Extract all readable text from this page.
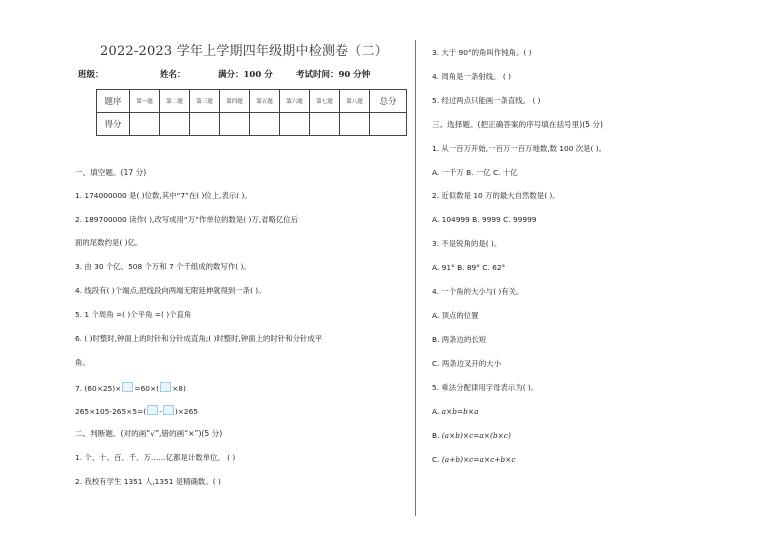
2022-2023 学年上学期四年级期中检测卷（二）
班级：	姓名：	满分：100 分	考试时间：90 分钟
题序	第一题	第二题	第三题	第四题	第五题	第六题	第七题	第八题	总分
得分									
一、填空题。(17 分)
1. 174000000 是( )位数,其中“7”在( )位上,表示( )。
2. 189700000 读作( ),改写成用“万”作单位的数是( )万,省略亿位后
面的尾数约是( )亿。
3. 由 30 个亿、508 个万和 7 个千组成的数写作( )。
4. 线段有( )个端点,把线段向两端无限延伸就得到一条( )。
5. 1 个周角 =( )个平角 =( )个直角
6. ( )时整时,钟面上的时针和分针成直角;( )时整时,钟面上的时针和分针成平
角。
7. (60×25)× =60×( ×8)
265×105-265×5=( - )×265
二、判断题。(对的画“√”,错的画“×”)(5 分)
1. 个、十、百、千、万……亿都是计数单位。 ( )
2. 我校有学生 1351 人,1351 是精确数。( )
3. 大于 90°的角叫作钝角。( )
4. 周角是一条射线。 ( )
5. 经过两点只能画一条直线。 ( )
三、选择题。(把正确答案的序号填在括号里)(5 分)
1. 从一百万开始,一百万一百万地数,数 100 次是( )。
A. 一千万 B. 一亿 C. 十亿
2. 近似数是 10 万的最大自然数是( )。
A. 104999 B. 9999 C. 99999
3. 不是锐角的是( )。
A. 91° B. 89° C. 62°
4. 一个角的大小与( )有关。
A. 顶点的位置
B. 两条边的长短
C. 两条边叉开的大小
5. 乘法分配律用字母表示为( )。
A. a×b=b×a
B. (a×b)×c=a×(b×c)
C. (a+b)×c=a×c+b×c
